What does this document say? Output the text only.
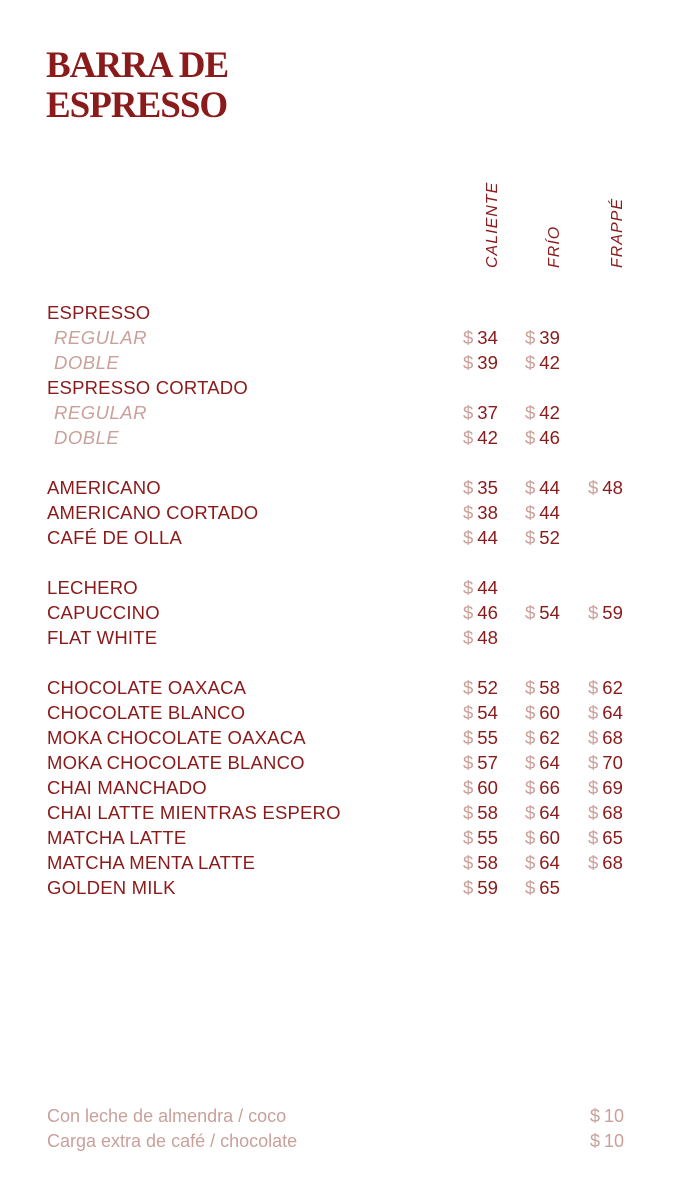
BARRA DE
ESPRESSO
CALIENTE	FRÍO	FRAPPÉ
ESPRESSO
REGULAR	$ 34 $ 39
DOBLE	$ 39 $ 42
ESPRESSO CORTADO
REGULAR	$ 37 $ 42
DOBLE	$ 42 $ 46
AMERICANO	$ 35 $ 44 $ 48
AMERICANO CORTADO	$ 38 $ 44
CAFÉ DE OLLA	$ 44 $ 52
LECHERO	$ 44
CAPUCCINO	$ 46 $ 54 $ 59
FLAT WHITE	$ 48
CHOCOLATE OAXACA	$ 52 $ 58 $ 62
CHOCOLATE BLANCO	$ 54 $ 60 $ 64
MOKA CHOCOLATE OAXACA	$ 55 $ 62 $ 68
MOKA CHOCOLATE BLANCO	$ 57 $ 64 $ 70
CHAI MANCHADO	$ 60 $ 66 $ 69
CHAI LATTE MIENTRAS ESPERO	$ 58 $ 64 $ 68
MATCHA LATTE	$ 55 $ 60 $ 65
MATCHA MENTA LATTE	$ 58 $ 64 $ 68
GOLDEN MILK	$ 59 $ 65
Con leche de almendra / coco	$ 10
Carga extra de café / chocolate	$ 10
